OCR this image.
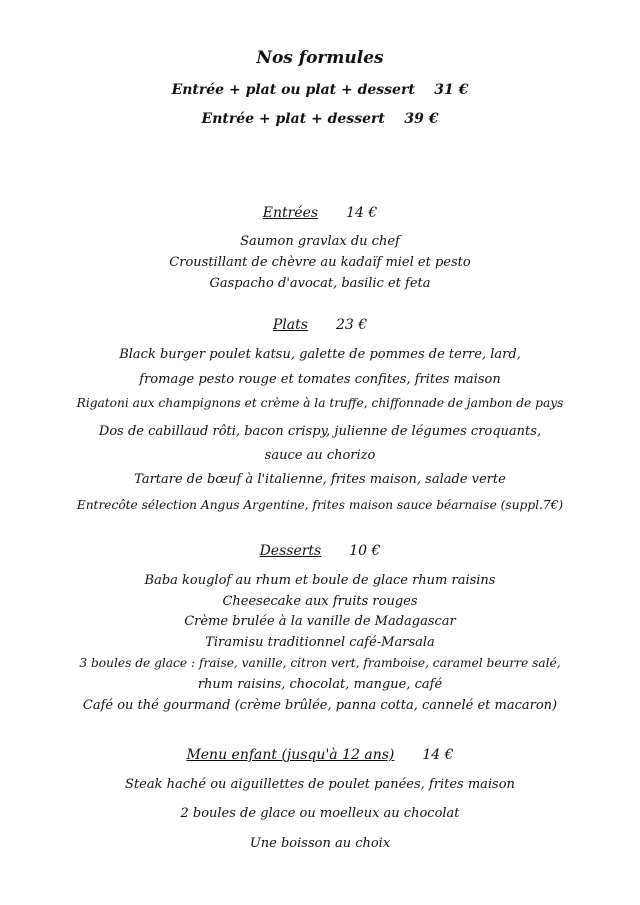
Nos formules
Entrée + plat ou plat + dessert    31 €
Entrée + plat + dessert    39 €
Entrées 14 €
Saumon gravlax du chef
Croustillant de chèvre au kadaïf miel et pesto
Gaspacho d'avocat, basilic et feta
Plats 23 €
Black burger poulet katsu, galette de pommes de terre, lard,
fromage pesto rouge et tomates confites, frites maison
Rigatoni aux champignons et crème à la truffe, chiffonnade de jambon de pays
Dos de cabillaud rôti, bacon crispy, julienne de légumes croquants,
sauce au chorizo
Tartare de bœuf à l'italienne, frites maison, salade verte
Entrecôte sélection Angus Argentine, frites maison sauce béarnaise (suppl.7€)
Desserts 10 €
Baba kouglof au rhum et boule de glace rhum raisins
Cheesecake aux fruits rouges
Crème brulée à la vanille de Madagascar
Tiramisu traditionnel café-Marsala
3 boules de glace : fraise, vanille, citron vert, framboise, caramel beurre salé,
rhum raisins, chocolat, mangue, café
Café ou thé gourmand (crème brûlée, panna cotta, cannelé et macaron)
Menu enfant (jusqu'à 12 ans) 14 €
Steak haché ou aiguillettes de poulet panées, frites maison
2 boules de glace ou moelleux au chocolat
Une boisson au choix
